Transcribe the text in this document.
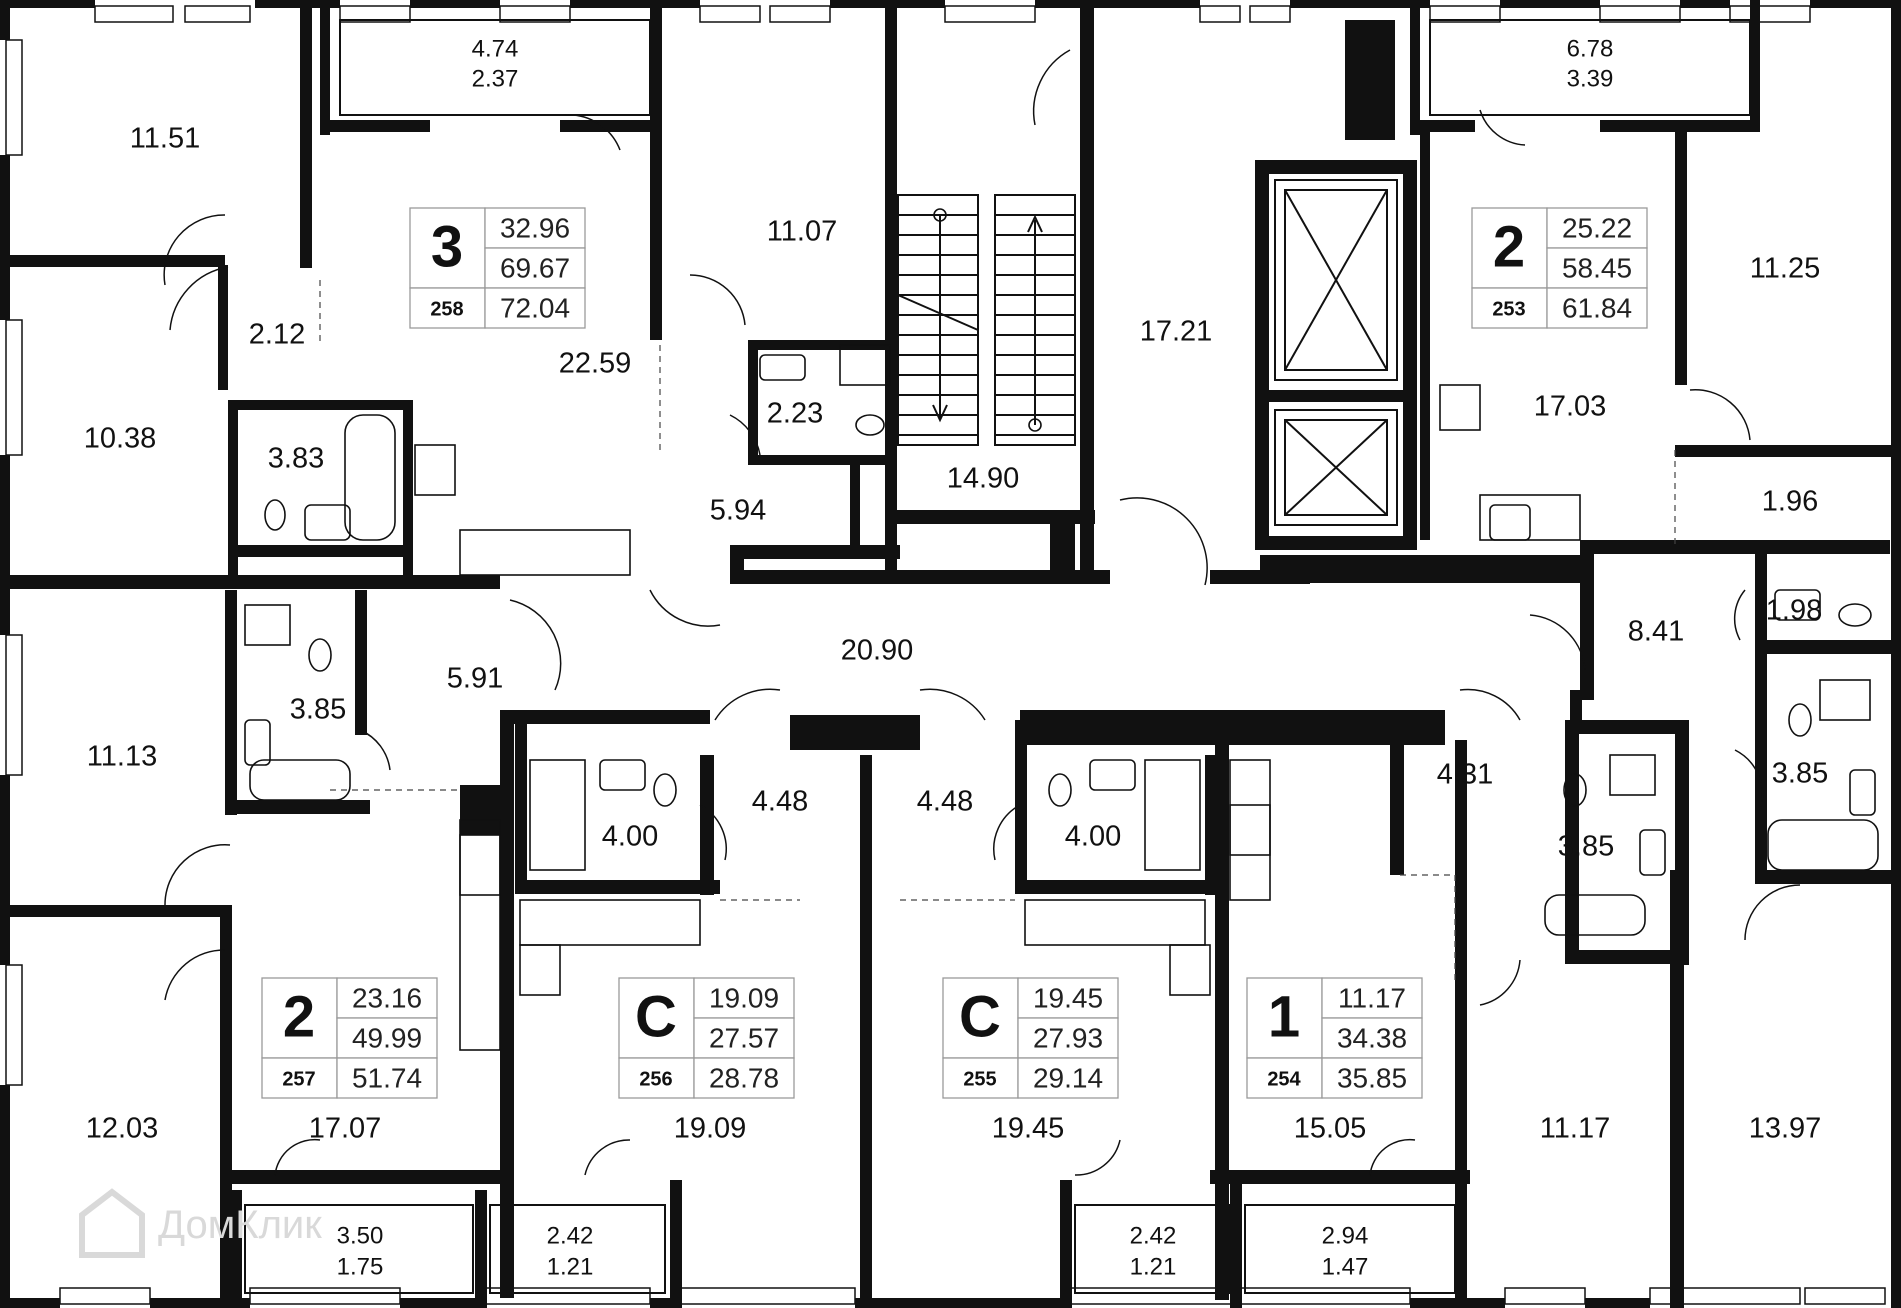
11.51
10.38
2.12
3.83
22.59
11.07
2.23
5.94
14.90
17.21
17.03
11.25
1.96
1.98
8.41
11.13
3.85
5.91
20.90
4.00
4.48	4.48
4.00
4.31
3.85
3.85
12.03	17.07	19.09	19.45	15.05	11.17	13.97
4.74
2.37
6.78
3.39
3.50
1.75
2.42
1.21
2.42
1.21
2.94
1.47
3 32.96
69.67
258 72.04
2 25.22
58.45
253 61.84
2 23.16
49.99
257 51.74
С 19.09
27.57
256 28.78
С 19.45
27.93
255 29.14
1 11.17
34.38
254 35.85
ДомКлик
